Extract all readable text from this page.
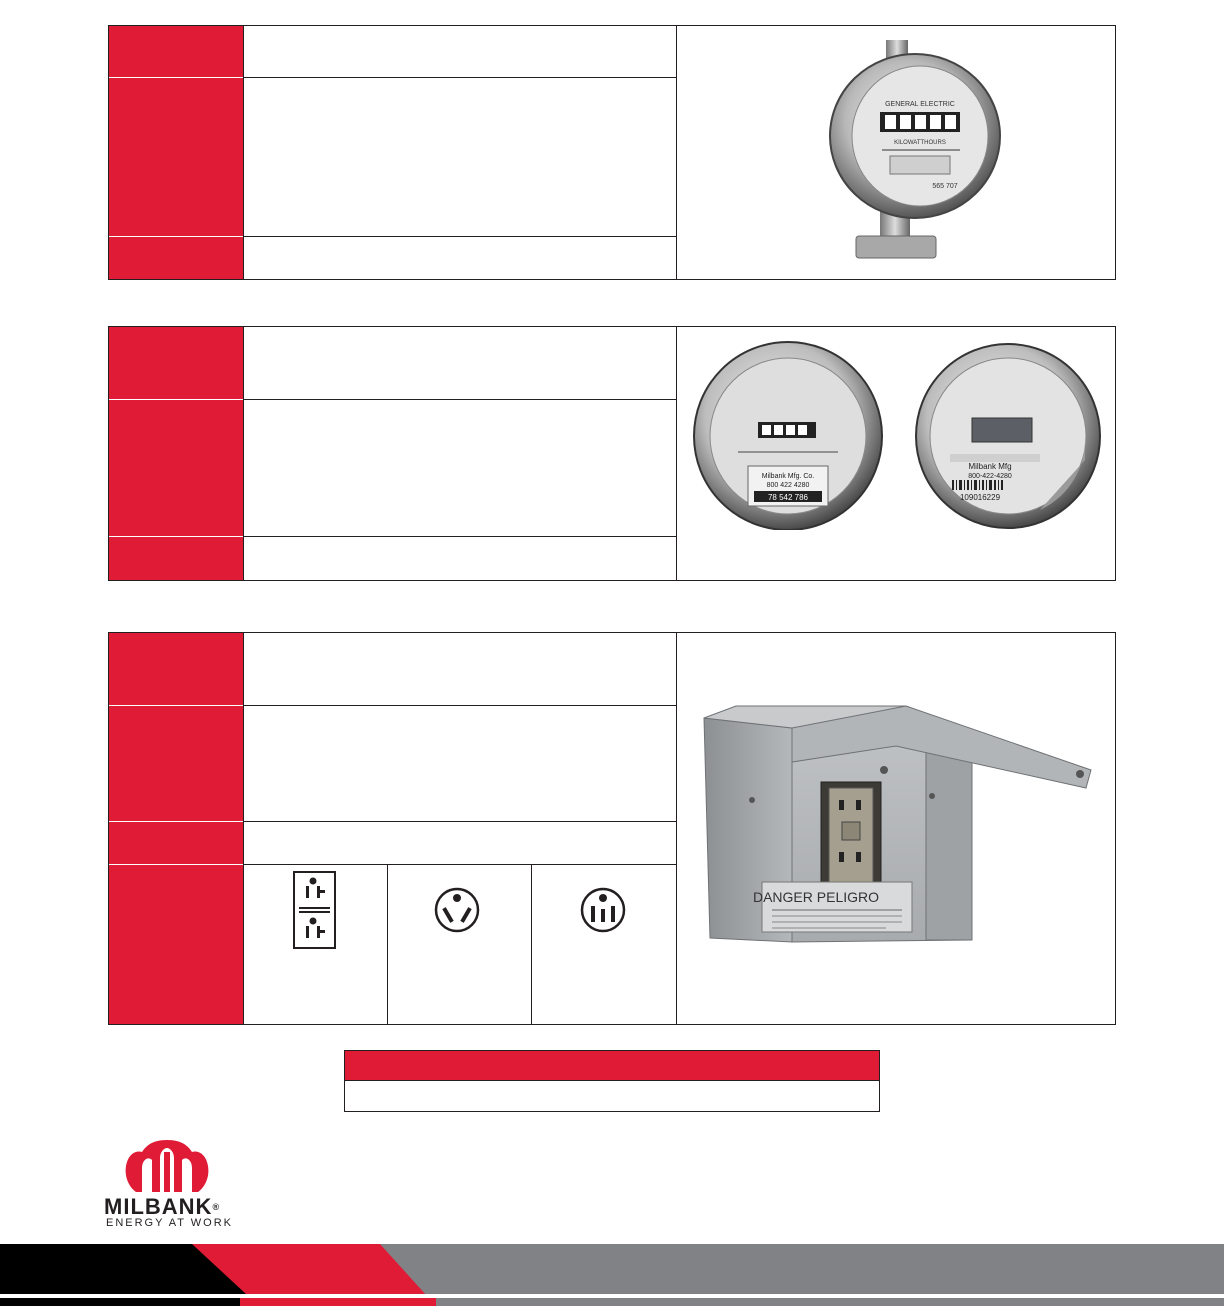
GENERAL ELECTRIC
KILOWATTHOURS
565 707
Milbank Mfg. Co.
800 422 4280
78 542 786
Milbank Mfg
800-422-4280
109016229
DANGER PELIGRO
MILBANK®
ENERGY AT WORK
